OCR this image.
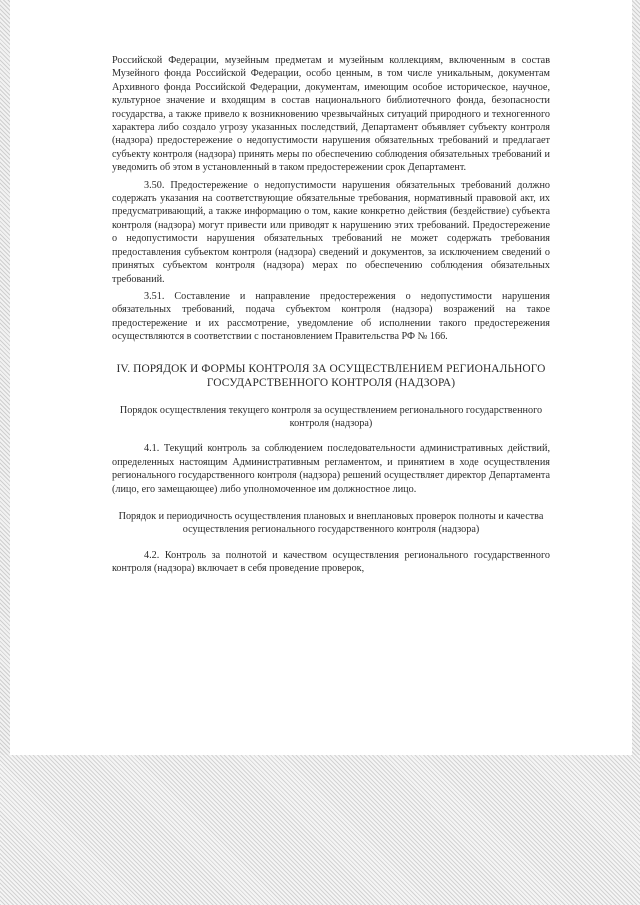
Российской Федерации, музейным предметам и музейным коллекциям, включенным в состав Музейного фонда Российской Федерации, особо ценным, в том числе уникальным, документам Архивного фонда Российской Федерации, документам, имеющим особое историческое, научное, культурное значение и входящим в состав национального библиотечного фонда, безопасности государства, а также привело к возникновению чрезвычайных ситуаций природного и техногенного характера либо создало угрозу указанных последствий, Департамент объявляет субъекту контроля (надзора) предостережение о недопустимости нарушения обязательных требований и предлагает субъекту контроля (надзора) принять меры по обеспечению соблюдения обязательных требований и уведомить об этом в установленный в таком предостережении срок Департамент.

3.50. Предостережение о недопустимости нарушения обязательных требований должно содержать указания на соответствующие обязательные требования, нормативный правовой акт, их предусматривающий, а также информацию о том, какие конкретно действия (бездействие) субъекта контроля (надзора) могут привести или приводят к нарушению этих требований. Предостережение о недопустимости нарушения обязательных требований не может содержать требования предоставления субъектом контроля (надзора) сведений и документов, за исключением сведений о принятых субъектом контроля (надзора) мерах по обеспечению соблюдения обязательных требований.

3.51. Составление и направление предостережения о недопустимости нарушения обязательных требований, подача субъектом контроля (надзора) возражений на такое предостережение и их рассмотрение, уведомление об исполнении такого предостережения осуществляются в соответствии с постановлением Правительства РФ № 166.

IV. ПОРЯДОК И ФОРМЫ КОНТРОЛЯ ЗА ОСУЩЕСТВЛЕНИЕМ РЕГИОНАЛЬНОГО ГОСУДАРСТВЕННОГО КОНТРОЛЯ (НАДЗОРА)

Порядок осуществления текущего контроля за осуществлением регионального государственного контроля (надзора)

4.1. Текущий контроль за соблюдением последовательности административных действий, определенных настоящим Административным регламентом, и принятием в ходе осуществления регионального государственного контроля (надзора) решений осуществляет директор Департамента (лицо, его замещающее) либо уполномоченное им должностное лицо.

Порядок и периодичность осуществления плановых и внеплановых проверок полноты и качества осуществления регионального государственного контроля (надзора)

4.2. Контроль за полнотой и качеством осуществления регионального государственного контроля (надзора) включает в себя проведение проверок,
